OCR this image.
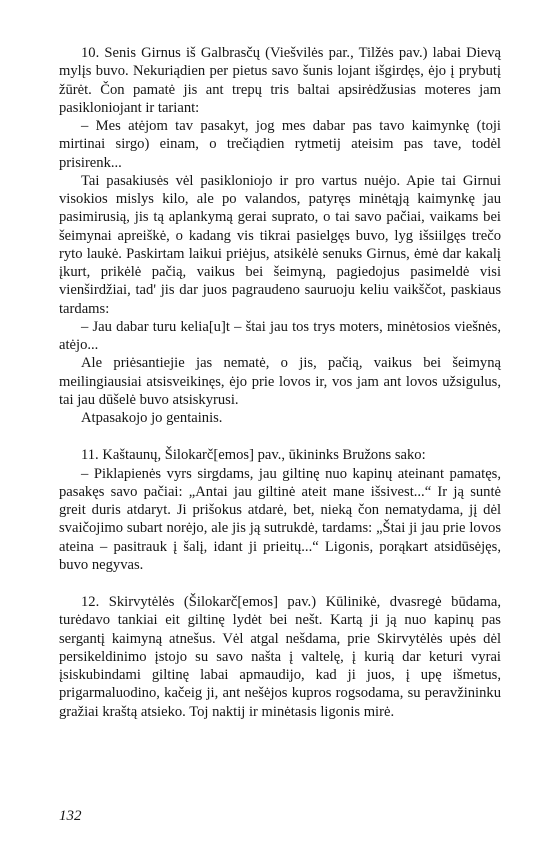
10. Senis Girnus iš Galbrasčų (Viešvilės par., Tilžės pav.) labai Dievą mylįs buvo. Nekuriądien per pietus savo šunis lojant išgirdęs, ėjo į prybutį žūrėt. Čon pamatė jis ant trepų tris baltai apsirėdžusias moteres jam pasikloniojant ir tariant:

– Mes atėjom tav pasakyt, jog mes dabar pas tavo kaimynkę (toji mirtinai sirgo) einam, o trečiądien rytmetij ateisim pas tave, todėl prisirenk...

Tai pasakiusės vėl pasikloniojo ir pro vartus nuėjo. Apie tai Girnui visokios mislys kilo, ale po valandos, patyręs minėtąją kaimynkę jau pasimirusią, jis tą aplankymą gerai suprato, o tai savo pačiai, vaikams bei šeimynai apreiškė, o kadang vis tikrai pasielgęs buvo, lyg išsiilgęs trečo ryto laukė. Paskirtam laikui priėjus, atsikėlė senuks Girnus, ėmė dar kakalį įkurt, prikėlė pačią, vaikus bei šeimyną, pagiedojus pasimeldė visi vienširdžiai, tad' jis dar juos pagraudeno sauruoju keliu vaikščot, paskiaus tardams:

– Jau dabar turu kelia[u]t – štai jau tos trys moters, minėtosios viešnės, atėjo...

Ale priėsantiejie jas nematė, o jis, pačią, vaikus bei šeimyną meilingiausiai atsisveikinęs, ėjo prie lovos ir, vos jam ant lovos užsigulus, tai jau dūšelė buvo atsiskyrusi.

Atpasakojo jo gentainis.

11. Kaštaunų, Šilokarč[emos] pav., ūkininks Bružons sako:

– Piklapienės vyrs sirgdams, jau giltinę nuo kapinų ateinant pamatęs, pasakęs savo pačiai: „Antai jau giltinė ateit mane išsivest...“ Ir ją suntė greit duris atdaryt. Ji prišokus atdarė, bet, nieką čon nematydama, jį dėl svaičojimo subart norėjo, ale jis ją sutrukdė, tardams: „Štai ji jau prie lovos ateina – pasitrauk į šalį, idant ji prieitų...“ Ligonis, porąkart atsidūsėjęs, buvo negyvas.

12. Skirvytėlės (Šilokarč[emos] pav.) Kūlinikė, dvasregė būdama, turėdavo tankiai eit giltinę lydėt bei nešt. Kartą ji ją nuo kapinų pas sergantį kaimyną atnešus. Vėl atgal nešdama, prie Skirvytėlės upės dėl persikeldinimo įstojo su savo našta į valtelę, į kurią dar keturi vyrai įsiskubindami giltinę labai apmaudijo, kad ji juos, į upę išmetus, prigarmaluodino, kačeig ji, ant nešėjos kupros rogsodama, su peravžininku gražiai kraštą atsieko. Toj naktij ir minėtasis ligonis mirė.

132
